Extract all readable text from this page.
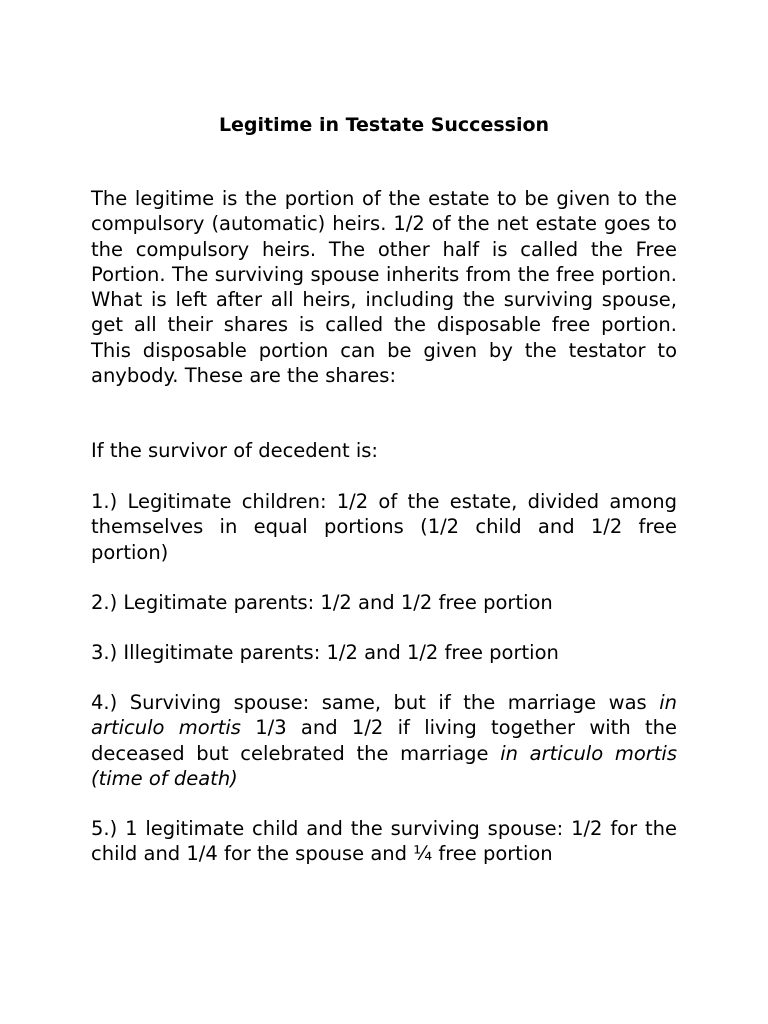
Legitime in Testate Succession

The legitime is the portion of the estate to be given to the compulsory (automatic) heirs. 1/2 of the net estate goes to the compulsory heirs. The other half is called the Free Portion. The surviving spouse inherits from the free portion. What is left after all heirs, including the surviving spouse, get all their shares is called the disposable free portion. This disposable portion can be given by the testator to anybody. These are the shares:

If the survivor of decedent is:

1.) Legitimate children: 1/2 of the estate, divided among themselves in equal portions (1/2 child and 1/2 free portion)

2.) Legitimate parents: 1/2 and 1/2 free portion

3.) Illegitimate parents: 1/2 and 1/2 free portion

4.) Surviving spouse: same, but if the marriage was in articulo mortis 1/3 and 1/2 if living together with the deceased but celebrated the marriage in articulo mortis (time of death)

5.) 1 legitimate child and the surviving spouse: 1/2 for the child and 1/4 for the spouse and ¼ free portion
